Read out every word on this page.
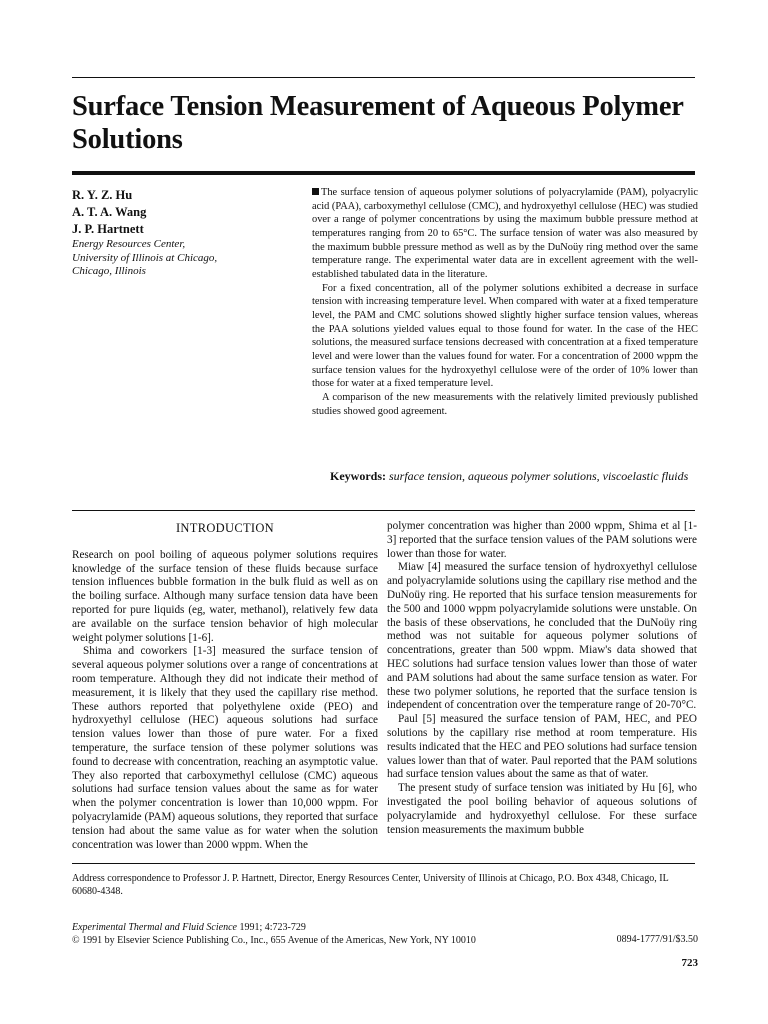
Surface Tension Measurement of Aqueous Polymer Solutions
R. Y. Z. Hu
A. T. A. Wang
J. P. Hartnett
Energy Resources Center,
University of Illinois at Chicago,
Chicago, Illinois

The surface tension of aqueous polymer solutions of polyacrylamide (PAM), polyacrylic acid (PAA), carboxymethyl cellulose (CMC), and hydroxyethyl cellulose (HEC) was studied over a range of polymer concentrations by using the maximum bubble pressure method at temperatures ranging from 20 to 65°C. The surface tension of water was also measured by the maximum bubble pressure method as well as by the DuNoüy ring method over the same temperature range. The experimental water data are in excellent agreement with the well-established tabulated data in the literature.

For a fixed concentration, all of the polymer solutions exhibited a decrease in surface tension with increasing temperature level. When compared with water at a fixed temperature level, the PAM and CMC solutions showed slightly higher surface tension values, whereas the PAA solutions yielded values equal to those found for water. In the case of the HEC solutions, the measured surface tensions decreased with concentration at a fixed temperature level and were lower than the values found for water. For a concentration of 2000 wppm the surface tension values for the hydroxyethyl cellulose were of the order of 10% lower than those for water at a fixed temperature level.

A comparison of the new measurements with the relatively limited previously published studies showed good agreement.

Keywords: surface tension, aqueous polymer solutions, viscoelastic fluids
INTRODUCTION

Research on pool boiling of aqueous polymer solutions requires knowledge of the surface tension of these fluids because surface tension influences bubble formation in the bulk fluid as well as on the boiling surface. Although many surface tension data have been reported for pure liquids (eg, water, methanol), relatively few data are available on the surface tension behavior of high molecular weight polymer solutions [1-6].

Shima and coworkers [1-3] measured the surface tension of several aqueous polymer solutions over a range of concentrations at room temperature. Although they did not indicate their method of measurement, it is likely that they used the capillary rise method. These authors reported that polyethylene oxide (PEO) and hydroxyethyl cellulose (HEC) aqueous solutions had surface tension values lower than those of pure water. For a fixed temperature, the surface tension of these polymer solutions was found to decrease with concentration, reaching an asymptotic value. They also reported that carboxymethyl cellulose (CMC) aqueous solutions had surface tension values about the same as for water when the polymer concentration is lower than 10,000 wppm. For polyacrylamide (PAM) aqueous solutions, they reported that surface tension had about the same value as for water when the solution concentration was lower than 2000 wppm. When the

polymer concentration was higher than 2000 wppm, Shima et al [1-3] reported that the surface tension values of the PAM solutions were lower than those for water.

Miaw [4] measured the surface tension of hydroxyethyl cellulose and polyacrylamide solutions using the capillary rise method and the DuNoüy ring. He reported that his surface tension measurements for the 500 and 1000 wppm polyacrylamide solutions were unstable. On the basis of these observations, he concluded that the DuNoüy ring method was not suitable for aqueous polymer solutions of concentrations, greater than 500 wppm. Miaw's data showed that HEC solutions had surface tension values lower than those of water and PAM solutions had about the same surface tension as water. For these two polymer solutions, he reported that the surface tension is independent of concentration over the temperature range of 20-70°C.

Paul [5] measured the surface tension of PAM, HEC, and PEO solutions by the capillary rise method at room temperature. His results indicated that the HEC and PEO solutions had surface tension values lower than that of water. Paul reported that the PAM solutions had surface tension values about the same as that of water.

The present study of surface tension was initiated by Hu [6], who investigated the pool boiling behavior of aqueous solutions of polyacrylamide and hydroxyethyl cellulose. For these surface tension measurements the maximum bubble

Address correspondence to Professor J. P. Hartnett, Director, Energy Resources Center, University of Illinois at Chicago, P.O. Box 4348, Chicago, IL 60680-4348.
Experimental Thermal and Fluid Science 1991; 4:723-729
© 1991 by Elsevier Science Publishing Co., Inc., 655 Avenue of the Americas, New York, NY 10010	0894-1777/91/$3.50
723
